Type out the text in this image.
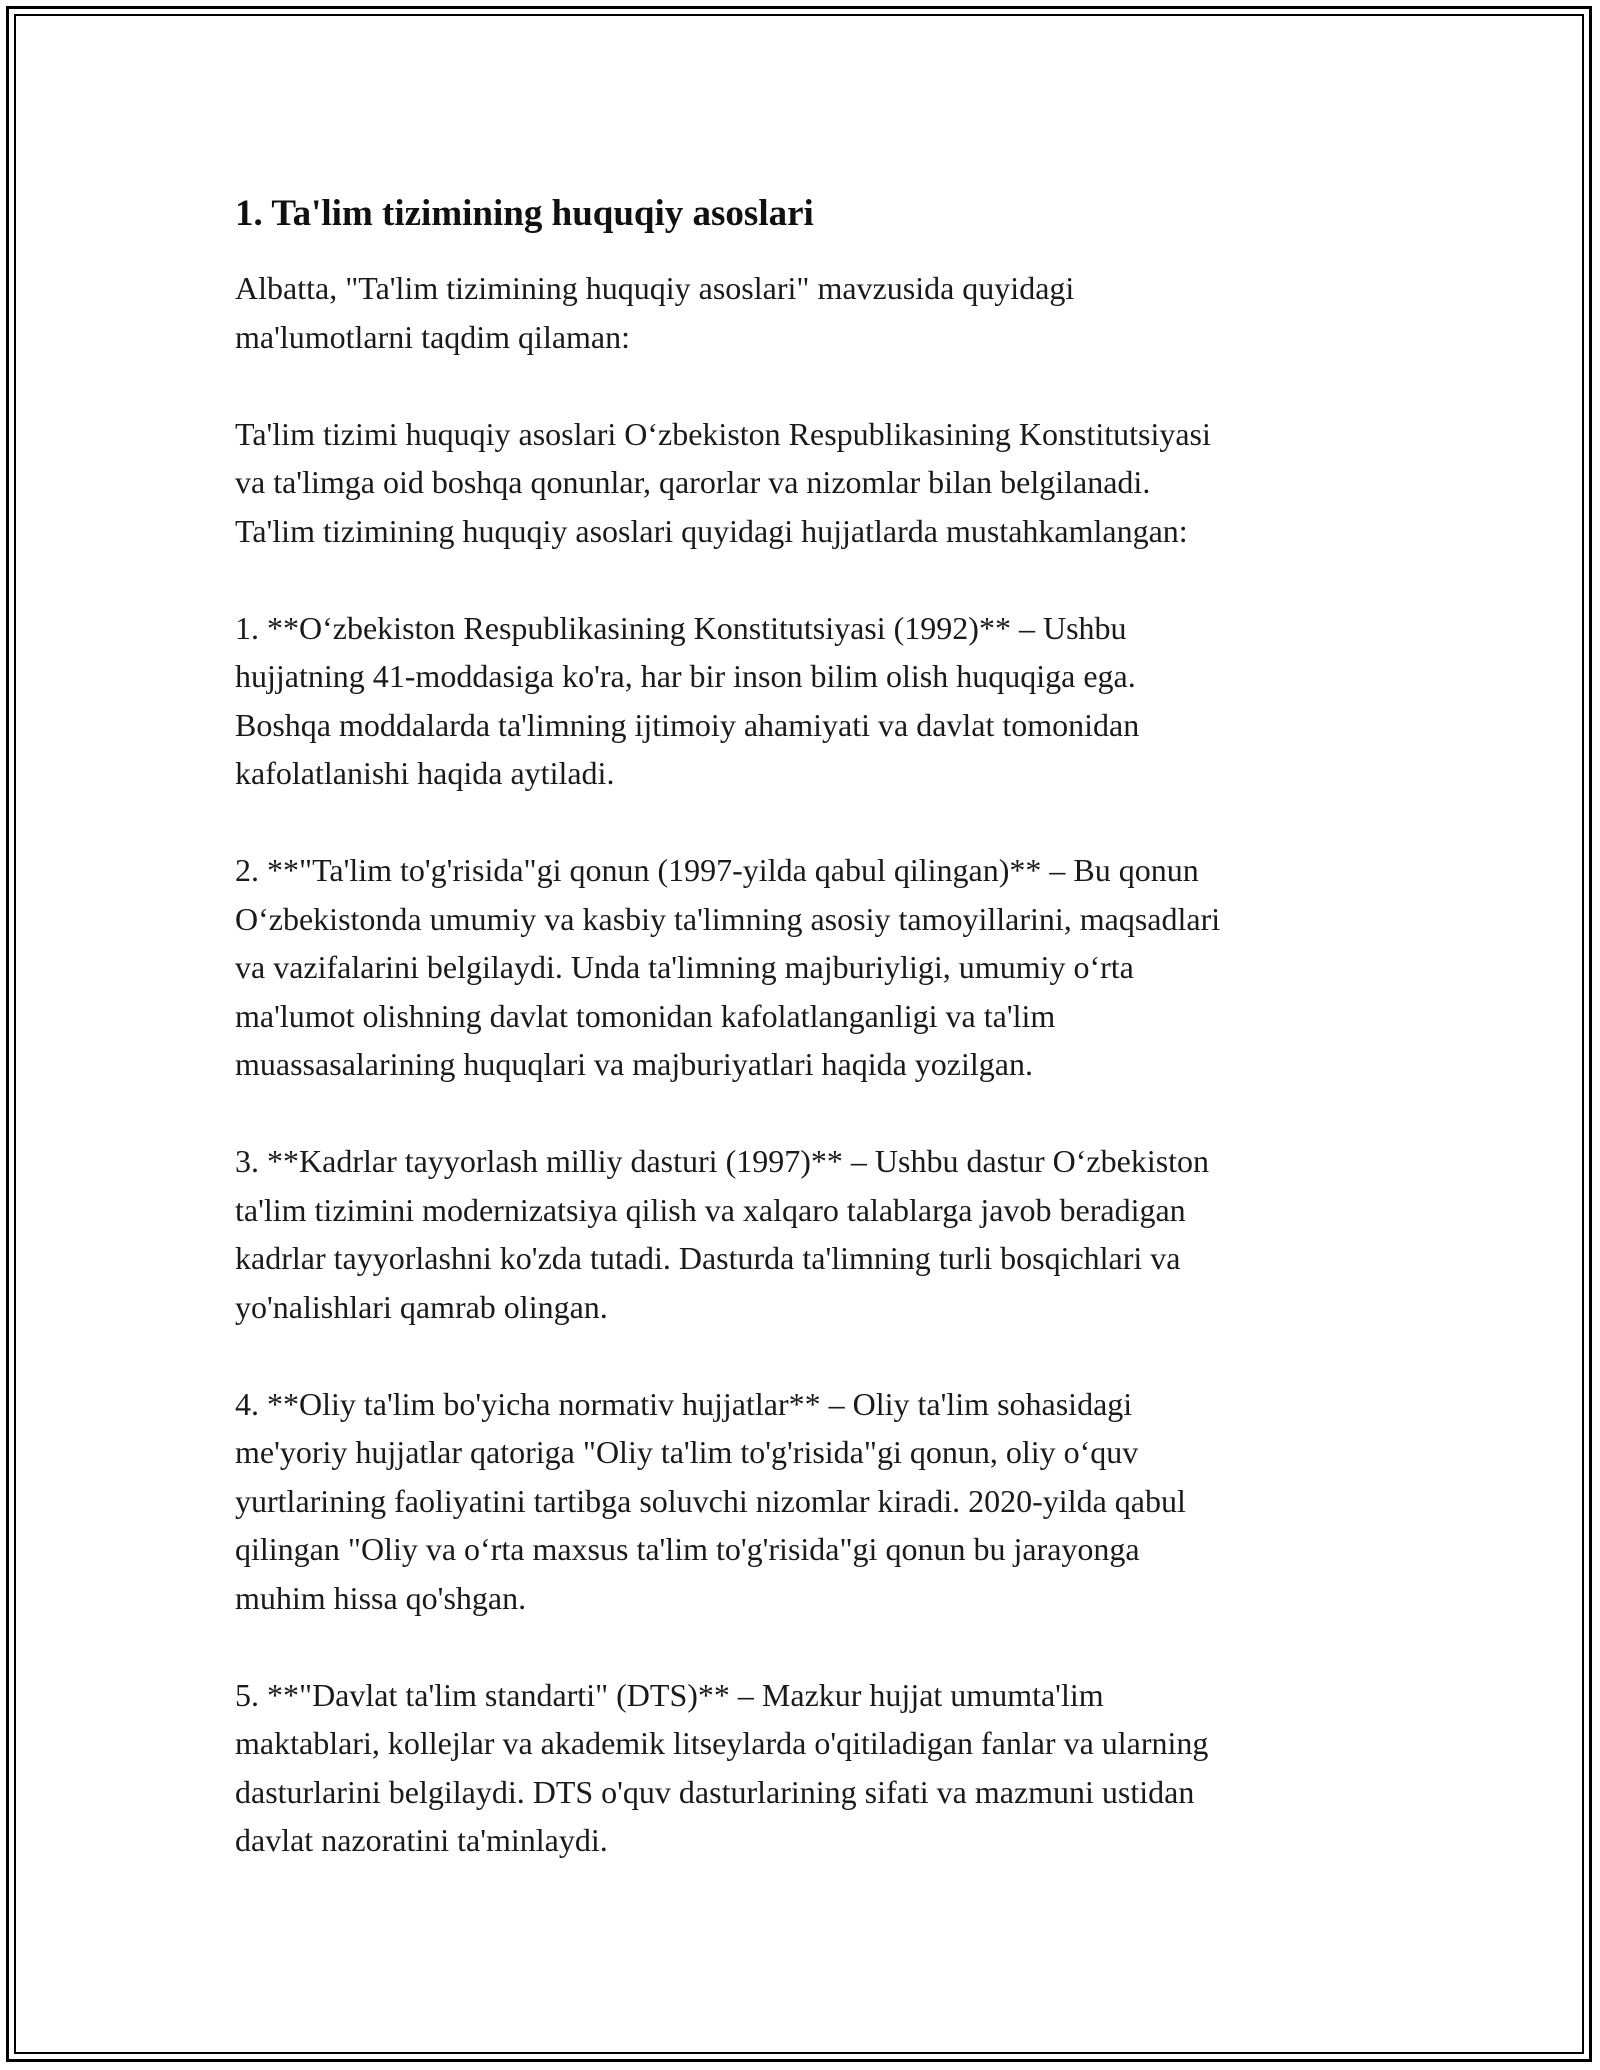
1. Ta'lim tizimining huquqiy asoslari

Albatta, "Ta'lim tizimining huquqiy asoslari" mavzusida quyidagi
ma'lumotlarni taqdim qilaman:

Ta'lim tizimi huquqiy asoslari O‘zbekiston Respublikasining Konstitutsiyasi
va ta'limga oid boshqa qonunlar, qarorlar va nizomlar bilan belgilanadi.
Ta'lim tizimining huquqiy asoslari quyidagi hujjatlarda mustahkamlangan:

1. **O‘zbekiston Respublikasining Konstitutsiyasi (1992)** – Ushbu
hujjatning 41-moddasiga ko'ra, har bir inson bilim olish huquqiga ega.
Boshqa moddalarda ta'limning ijtimoiy ahamiyati va davlat tomonidan
kafolatlanishi haqida aytiladi.

2. **"Ta'lim to'g'risida"gi qonun (1997-yilda qabul qilingan)** – Bu qonun
O‘zbekistonda umumiy va kasbiy ta'limning asosiy tamoyillarini, maqsadlari
va vazifalarini belgilaydi. Unda ta'limning majburiyligi, umumiy o‘rta
ma'lumot olishning davlat tomonidan kafolatlanganligi va ta'lim
muassasalarining huquqlari va majburiyatlari haqida yozilgan.

3. **Kadrlar tayyorlash milliy dasturi (1997)** – Ushbu dastur O‘zbekiston
ta'lim tizimini modernizatsiya qilish va xalqaro talablarga javob beradigan
kadrlar tayyorlashni ko'zda tutadi. Dasturda ta'limning turli bosqichlari va
yo'nalishlari qamrab olingan.

4. **Oliy ta'lim bo'yicha normativ hujjatlar** – Oliy ta'lim sohasidagi
me'yoriy hujjatlar qatoriga "Oliy ta'lim to'g'risida"gi qonun, oliy o‘quv
yurtlarining faoliyatini tartibga soluvchi nizomlar kiradi. 2020-yilda qabul
qilingan "Oliy va o‘rta maxsus ta'lim to'g'risida"gi qonun bu jarayonga
muhim hissa qo'shgan.

5. **"Davlat ta'lim standarti" (DTS)** – Mazkur hujjat umumta'lim
maktablari, kollejlar va akademik litseylarda o'qitiladigan fanlar va ularning
dasturlarini belgilaydi. DTS o'quv dasturlarining sifati va mazmuni ustidan
davlat nazoratini ta'minlaydi.
